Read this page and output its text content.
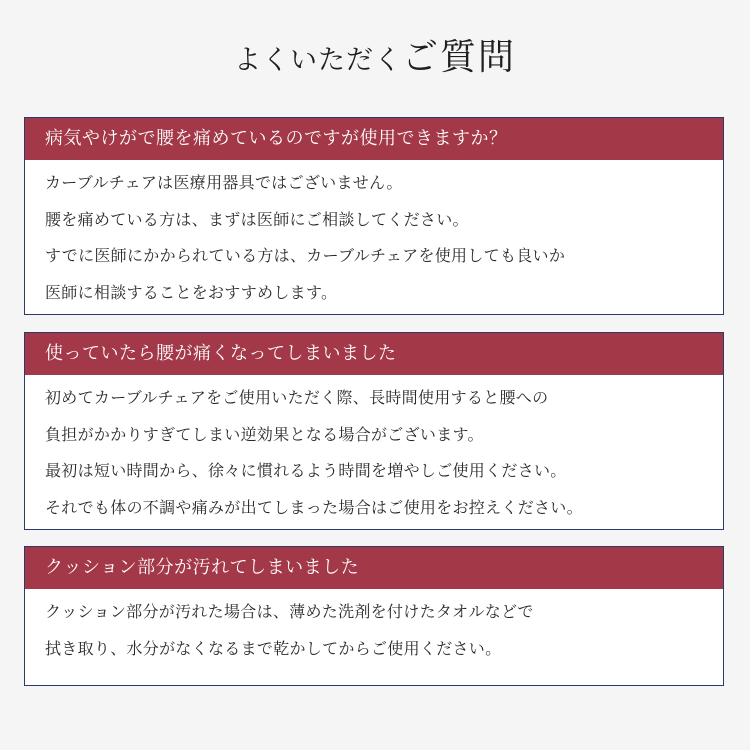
よくいただくご質問
病気やけがで腰を痛めているのですが使用できますか？

カーブルチェアは医療用器具ではございません。

腰を痛めている方は、まずは医師にご相談してください。

すでに医師にかかられている方は、カーブルチェアを使用しても良いか

医師に相談することをおすすめします。

使っていたら腰が痛くなってしまいました

初めてカーブルチェアをご使用いただく際、長時間使用すると腰への

負担がかかりすぎてしまい逆効果となる場合がございます。

最初は短い時間から、徐々に慣れるよう時間を増やしご使用ください。

それでも体の不調や痛みが出てしまった場合はご使用をお控えください。

クッション部分が汚れてしまいました

クッション部分が汚れた場合は、薄めた洗剤を付けたタオルなどで

拭き取り、水分がなくなるまで乾かしてからご使用ください。
